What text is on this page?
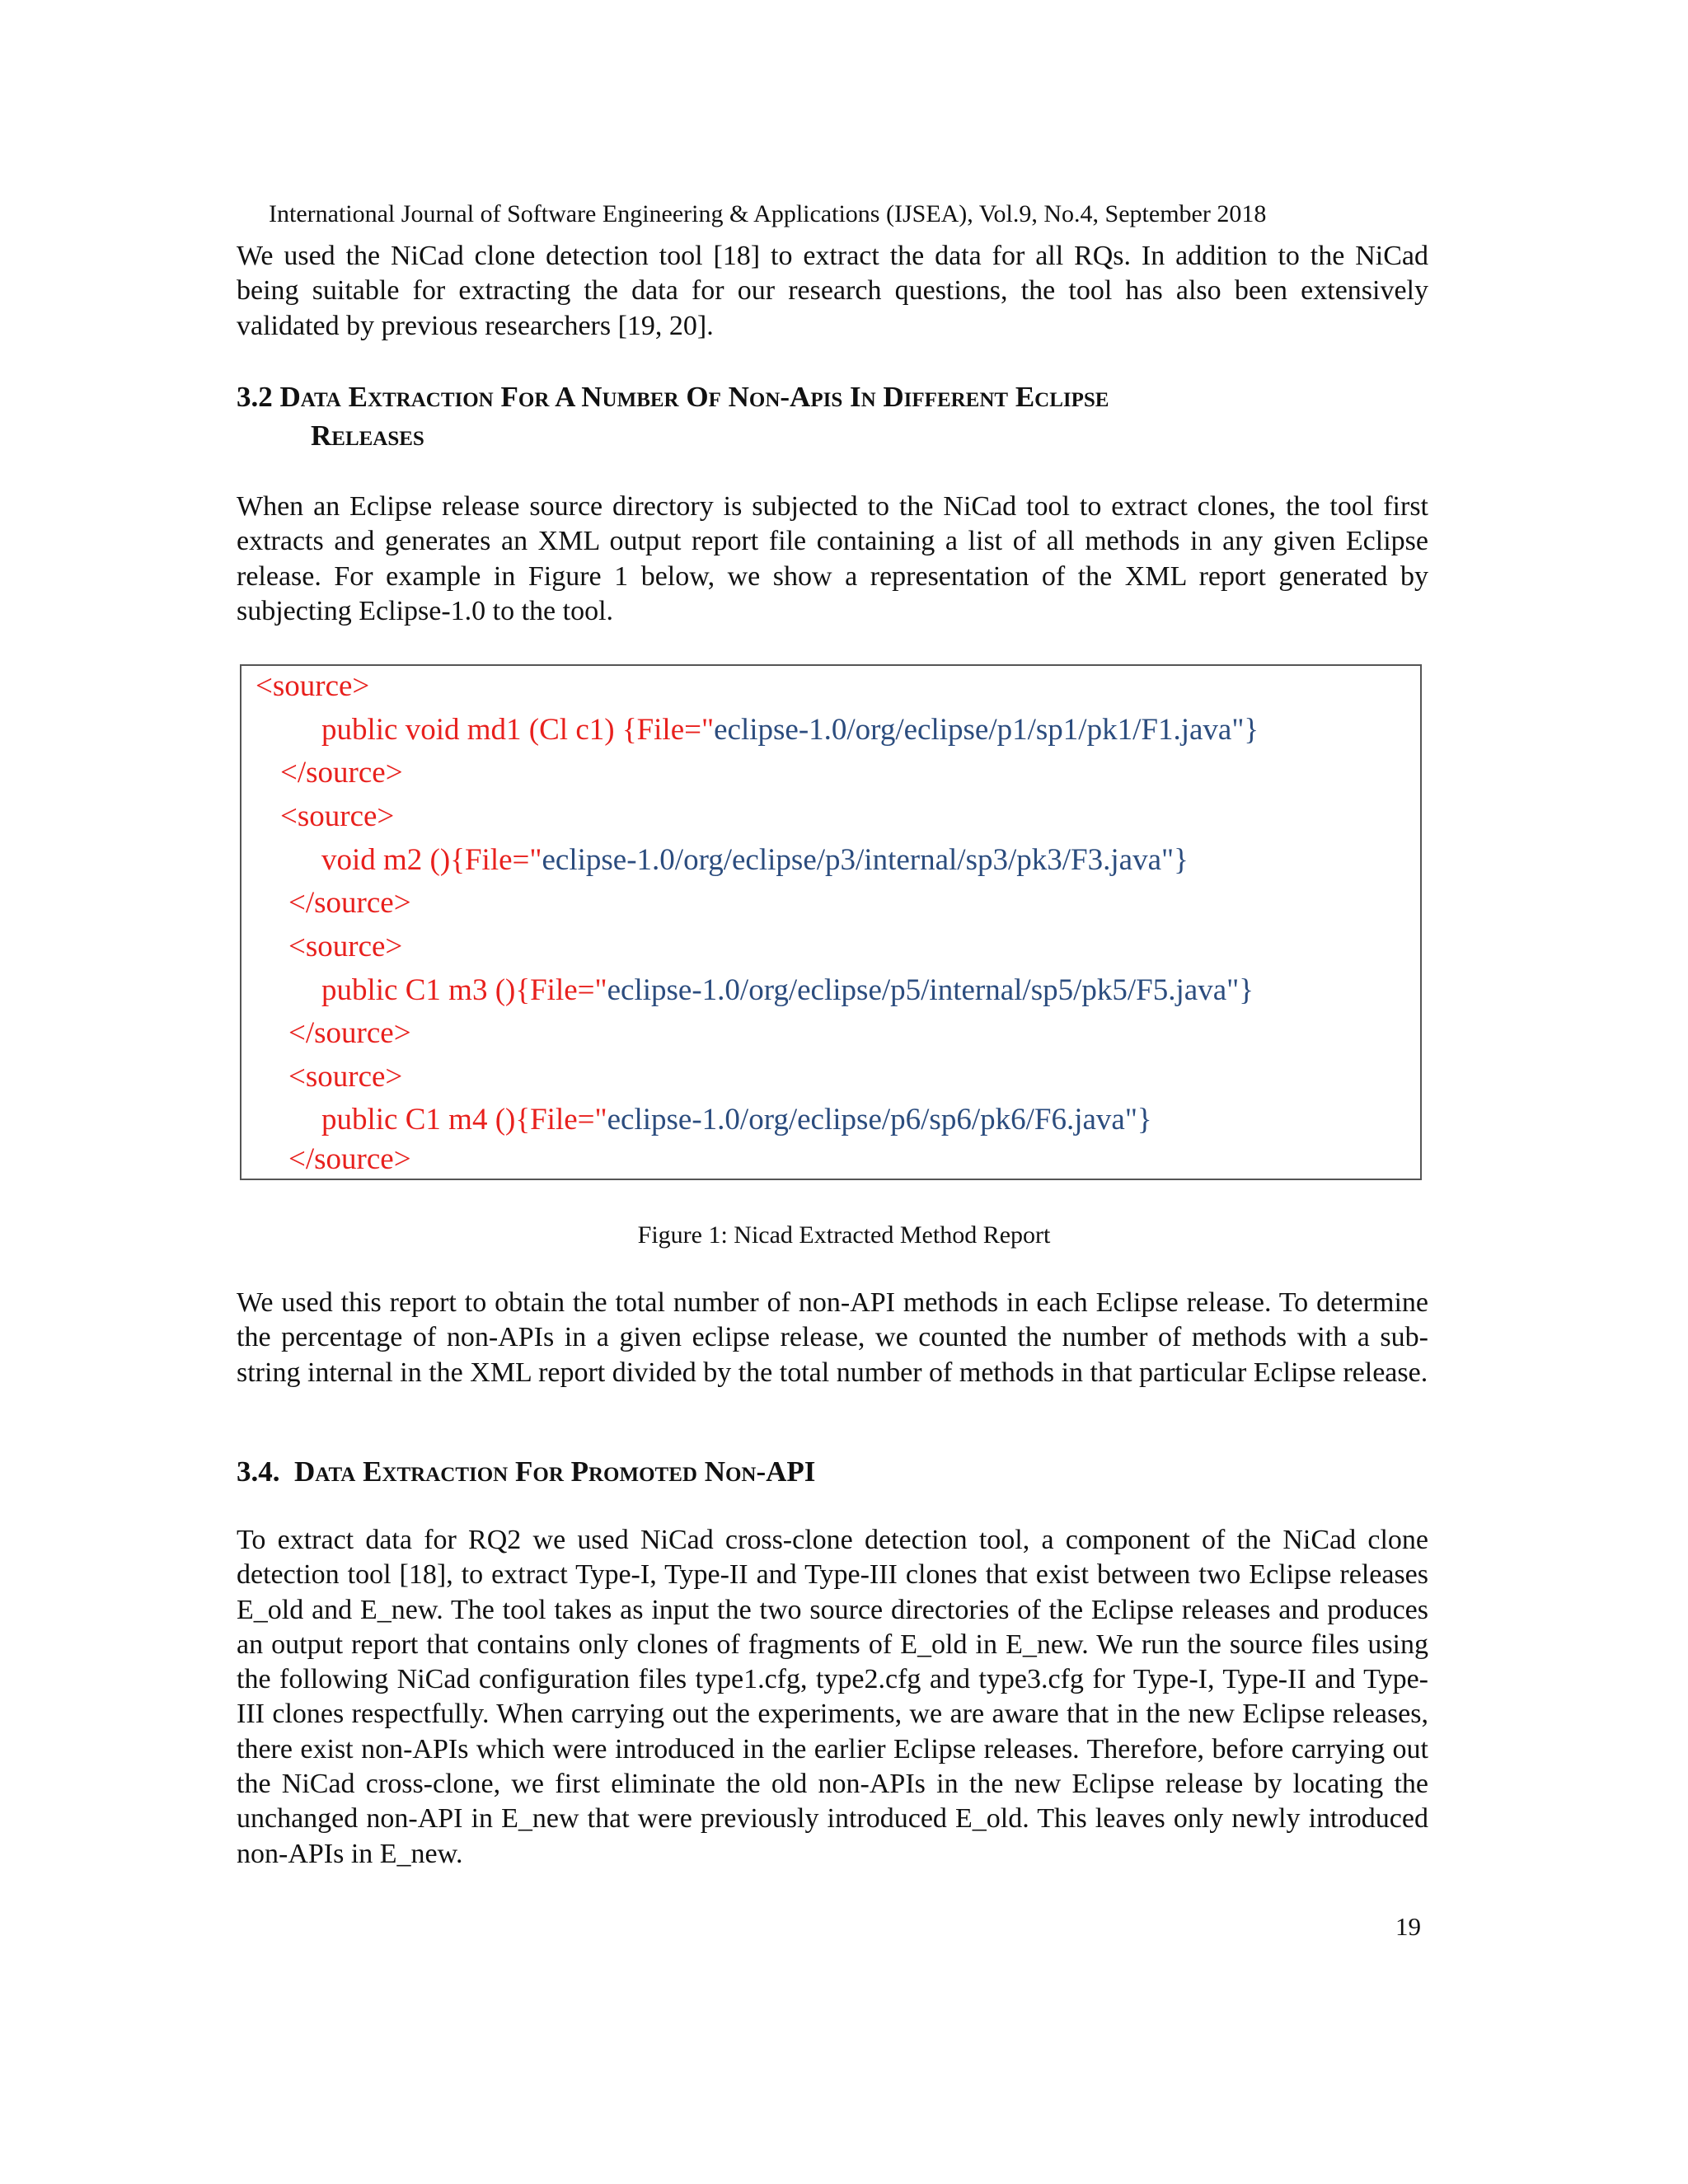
International Journal of Software Engineering & Applications (IJSEA), Vol.9, No.4, September 2018

We used the NiCad clone detection tool [18] to extract the data for all RQs. In addition to the NiCad being suitable for extracting the data for our research questions, the tool has also been extensively validated by previous researchers [19, 20].

3.2 Data Extraction For A Number Of Non-Apis In Different Eclipse
Releases

When an Eclipse release source directory is subjected to the NiCad tool to extract clones, the tool first extracts and generates an XML output report file containing a list of all methods in any given Eclipse release. For example in Figure 1 below, we show a representation of the XML report generated by subjecting Eclipse-1.0 to the tool.

<source>
public void md1 (Cl c1) {File="eclipse-1.0/org/eclipse/p1/sp1/pk1/F1.java"}
</source>
<source>
void m2 (){File="eclipse-1.0/org/eclipse/p3/internal/sp3/pk3/F3.java"}
</source>
<source>
public C1 m3 (){File="eclipse-1.0/org/eclipse/p5/internal/sp5/pk5/F5.java"}
</source>
<source>
public C1 m4 (){File="eclipse-1.0/org/eclipse/p6/sp6/pk6/F6.java"}
</source>
Figure 1: Nicad Extracted Method Report

We used this report to obtain the total number of non-API methods in each Eclipse release. To determine the percentage of non-APIs in a given eclipse release, we counted the number of methods with a sub-string internal in the XML report divided by the total number of methods in that particular Eclipse release.

3.4. Data Extraction For Promoted Non-API

To extract data for RQ2 we used NiCad cross-clone detection tool, a component of the NiCad clone detection tool [18], to extract Type-I, Type-II and Type-III clones that exist between two Eclipse releases E_old and E_new. The tool takes as input the two source directories of the Eclipse releases and produces an output report that contains only clones of fragments of E_old in E_new. We run the source files using the following NiCad configuration files type1.cfg, type2.cfg and type3.cfg for Type-I, Type-II and Type-III clones respectfully. When carrying out the experiments, we are aware that in the new Eclipse releases, there exist non-APIs which were introduced in the earlier Eclipse releases. Therefore, before carrying out the NiCad cross-clone, we first eliminate the old non-APIs in the new Eclipse release by locating the unchanged non-API in E_new that were previously introduced E_old. This leaves only newly introduced non-APIs in E_new.

19
